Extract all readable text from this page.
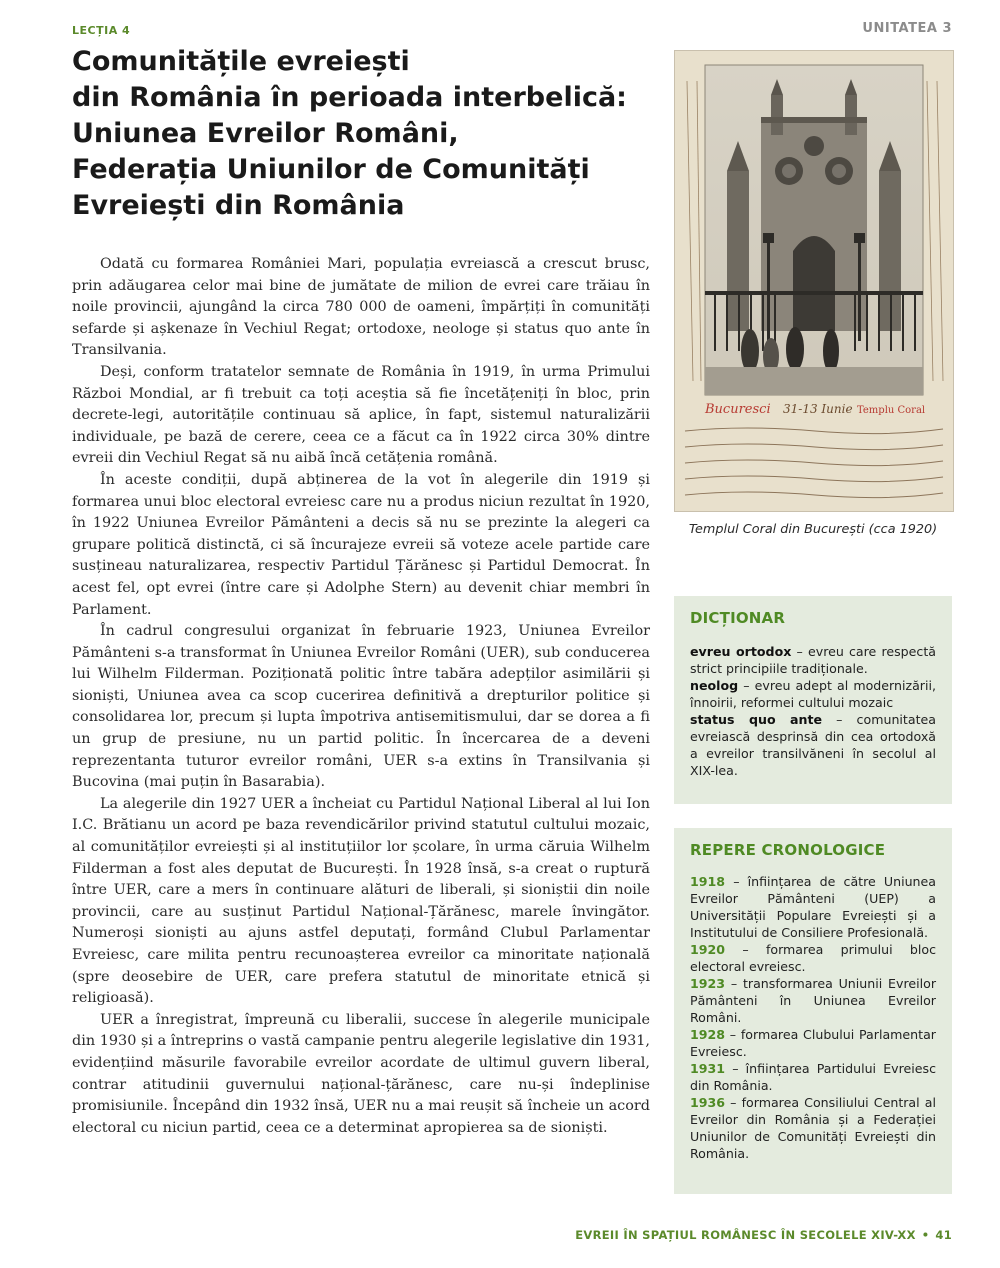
LECȚIA 4	UNITATEA 3
Comunitățile evreiești
din România în perioada interbelică:
Uniunea Evreilor Români,
Federația Uniunilor de Comunități
Evreiești din România

Odată cu formarea României Mari, populația evreiască a crescut brusc, prin adăugarea celor mai bine de jumătate de milion de evrei care trăiau în noile provincii, ajungând la circa 780 000 de oameni, împărțiți în comunități sefarde și așkenaze în Vechiul Regat; ortodoxe, neologe și status quo ante în Transilvania.

Deși, conform tratatelor semnate de România în 1919, în urma Primului Război Mondial, ar fi trebuit ca toți aceștia să fie încetățeniți în bloc, prin decrete-legi, autoritățile continuau să aplice, în fapt, sistemul naturalizării individuale, pe bază de cerere, ceea ce a făcut ca în 1922 circa 30% dintre evreii din Vechiul Regat să nu aibă încă cetățenia română.

În aceste condiții, după abținerea de la vot în alegerile din 1919 și formarea unui bloc electoral evreiesc care nu a produs niciun rezultat în 1920, în 1922 Uniunea Evreilor Pământeni a decis să nu se prezinte la alegeri ca grupare politică distinctă, ci să încurajeze evreii să voteze acele partide care susțineau naturalizarea, respectiv Partidul Țărănesc și Partidul Democrat. În acest fel, opt evrei (între care și Adolphe Stern) au devenit chiar membri în Parlament.

În cadrul congresului organizat în februarie 1923, Uniunea Evreilor Pământeni s-a transformat în Uniunea Evreilor Români (UER), sub conducerea lui Wilhelm Filderman. Poziționată politic între tabăra adepților asimilării și sioniști, Uniunea avea ca scop cucerirea definitivă a drepturilor politice și consolidarea lor, precum și lupta împotriva antisemitismului, dar se dorea a fi un grup de presiune, nu un partid politic. În încercarea de a deveni reprezentanta tuturor evreilor români, UER s-a extins în Transilvania și Bucovina (mai puțin în Basarabia).

La alegerile din 1927 UER a încheiat cu Partidul Național Liberal al lui Ion I.C. Brătianu un acord pe baza revendicărilor privind statutul cultului mozaic, al comunităților evreiești și al instituțiilor lor școlare, în urma căruia Wilhelm Filderman a fost ales deputat de București. În 1928 însă, s-a creat o ruptură între UER, care a mers în continuare alături de liberali, și sioniștii din noile provincii, care au susținut Partidul Național-Țărănesc, marele învingător. Numeroși sioniști au ajuns astfel deputați, formând Clubul Parlamentar Evreiesc, care milita pentru recunoașterea evreilor ca minoritate națională (spre deosebire de UER, care prefera statutul de minoritate etnică și religioasă).

UER a înregistrat, împreună cu liberalii, succese în alegerile municipale din 1930 și a întreprins o vastă campanie pentru alegerile legislative din 1931, evidențiind măsurile favorabile evreilor acordate de ultimul guvern liberal, contrar atitudinii guvernului național-țărănesc, care nu-și îndeplinise promisiunile. Începând din 1932 însă, UER nu a mai reușit să încheie un acord electoral cu niciun partid, ceea ce a determinat apropierea sa de sioniști.

Bucuresci 31-13 Iunie Templu Coral
Templul Coral din București (cca 1920)
DICȚIONAR
evreu ortodox – evreu care respectă strict principiile tradiționale.
neolog – evreu adept al modernizării, înnoirii, reformei cultului mozaic
status quo ante – comunitatea evreiască desprinsă din cea ortodoxă a evreilor transilvăneni în secolul al XIX-lea.
REPERE CRONOLOGICE
1918 – înființarea de către Uniunea Evreilor Pământeni (UEP) a Universității Populare Evreiești și a Institutului de Consiliere Profesională.
1920 – formarea primului bloc electoral evreiesc.
1923 – transformarea Uniunii Evreilor Pământeni în Uniunea Evreilor Români.
1928 – formarea Clubului Parlamentar Evreiesc.
1931 – înființarea Partidului Evreiesc din România.
1936 – formarea Consiliului Central al Evreilor din România și a Federației Uniunilor de Comunități Evreiești din România.
EVREII ÎN SPAȚIUL ROMÂNESC ÎN SECOLELE XIV-XX • 41
